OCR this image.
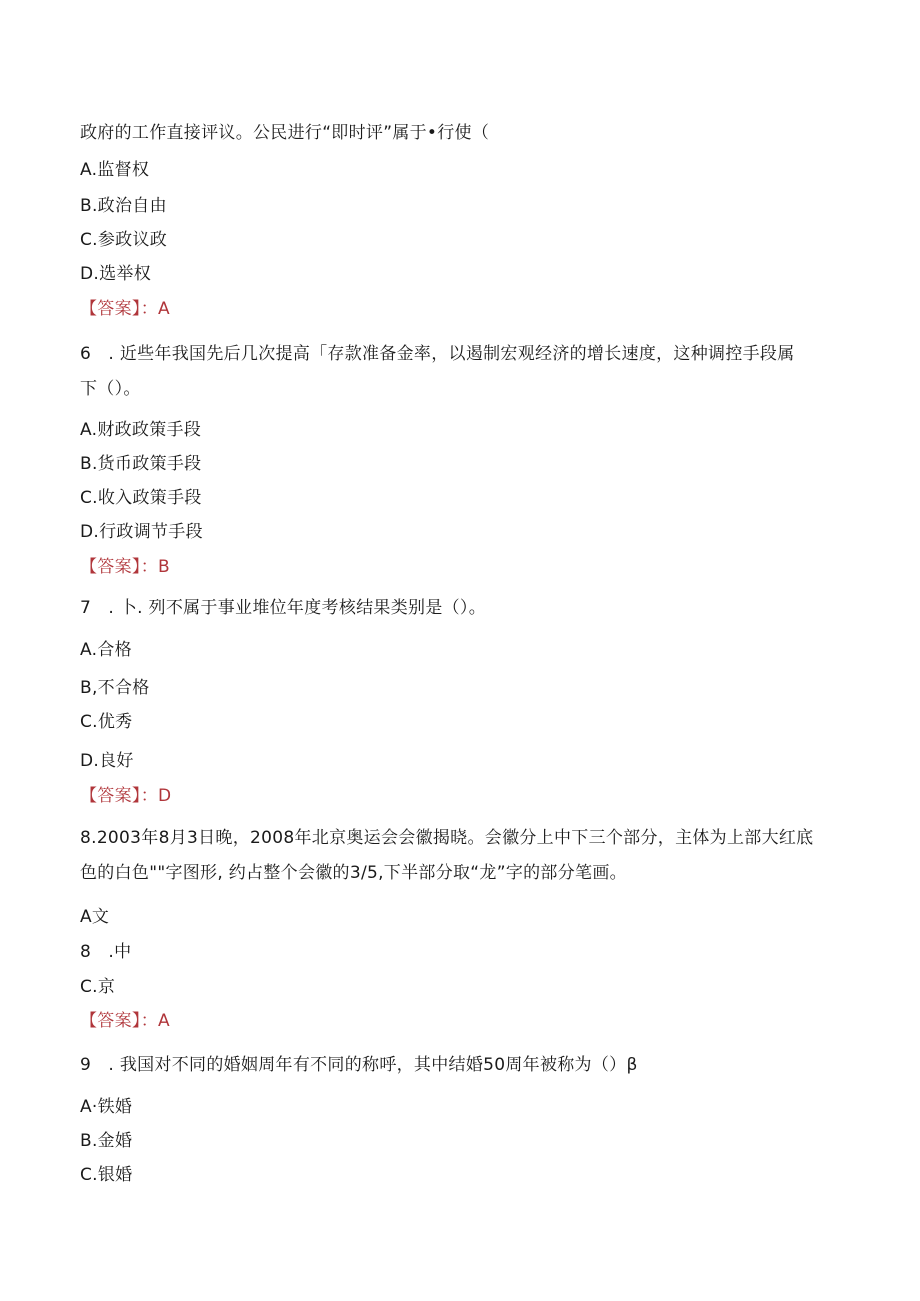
政府的工作直接评议。公民进行“即时评”属于•行使（
A.监督权
B.政治自由
C.参政议政
D.选举权
【答案】：A
6　. 近些年我国先后几次提高「存款准备金率，以遏制宏观经济的增长速度，这种调控手段属
下（）。
A.财政政策手段
B.货币政策手段
C.收入政策手段
D.行政调节手段
【答案】：B
7　. 卜. 列不属于事业堆位年度考核结果类别是（）。
A.合格
B,不合格
C.优秀
D.良好
【答案】：D
8.2003年8月3日晚，2008年北京奥运会会徽揭晓。会徽分上中下三个部分，主体为上部大红底
色的白色""字图形, 约占整个会徽的3/5,下半部分取“龙”字的部分笔画。
A文
8　.中
C.京
【答案】：A
9　. 我国对不同的婚姻周年有不同的称呼，其中结婚50周年被称为（）β
A·铁婚
B.金婚
C.银婚
